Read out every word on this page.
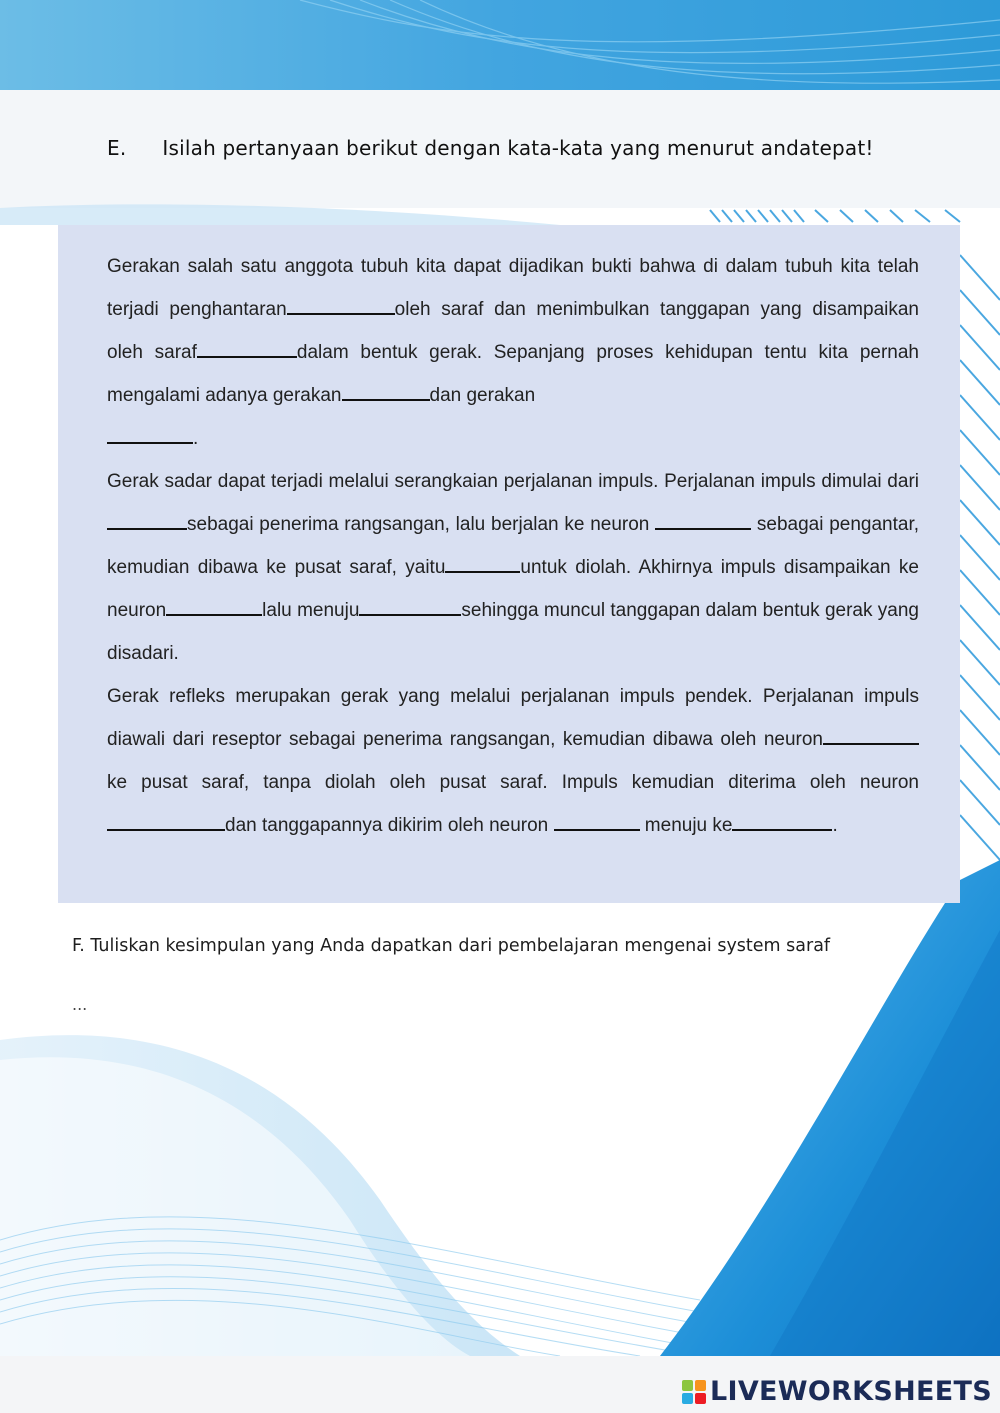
E. Isilah pertanyaan berikut dengan kata-kata yang menurut andatepat!

Gerakan salah satu anggota tubuh kita dapat dijadikan bukti bahwa di dalam tubuh kita telah terjadi penghantaran	oleh saraf dan menimbulkan tanggapan yang disampaikan oleh saraf	dalam bentuk gerak. Sepanjang proses kehidupan tentu kita pernah mengalami adanya gerakan	dan gerakan
.

Gerak sadar dapat terjadi melalui serangkaian perjalanan impuls. Perjalanan impuls dimulai darisebagai penerima rangsangan, lalu berjalan ke neuron	sebagai pengantar, kemudian dibawa ke pusat saraf, yaitu	untuk diolah. Akhirnya impuls disampaikan ke neuron	lalu menuju	sehingga muncul tanggapan dalam bentuk gerak yang disadari.

Gerak refleks merupakan gerak yang melalui perjalanan impuls pendek. Perjalanan impuls diawali dari reseptor sebagai penerima rangsangan, kemudian dibawa oleh neuronke pusat saraf, tanpa diolah oleh pusat saraf. Impuls kemudian diterima oleh neurondan tanggapannya dikirim oleh neuron	menuju ke	.

F. Tuliskan kesimpulan yang Anda dapatkan dari pembelajaran mengenai system saraf
...
LIVEWORKSHEETS
